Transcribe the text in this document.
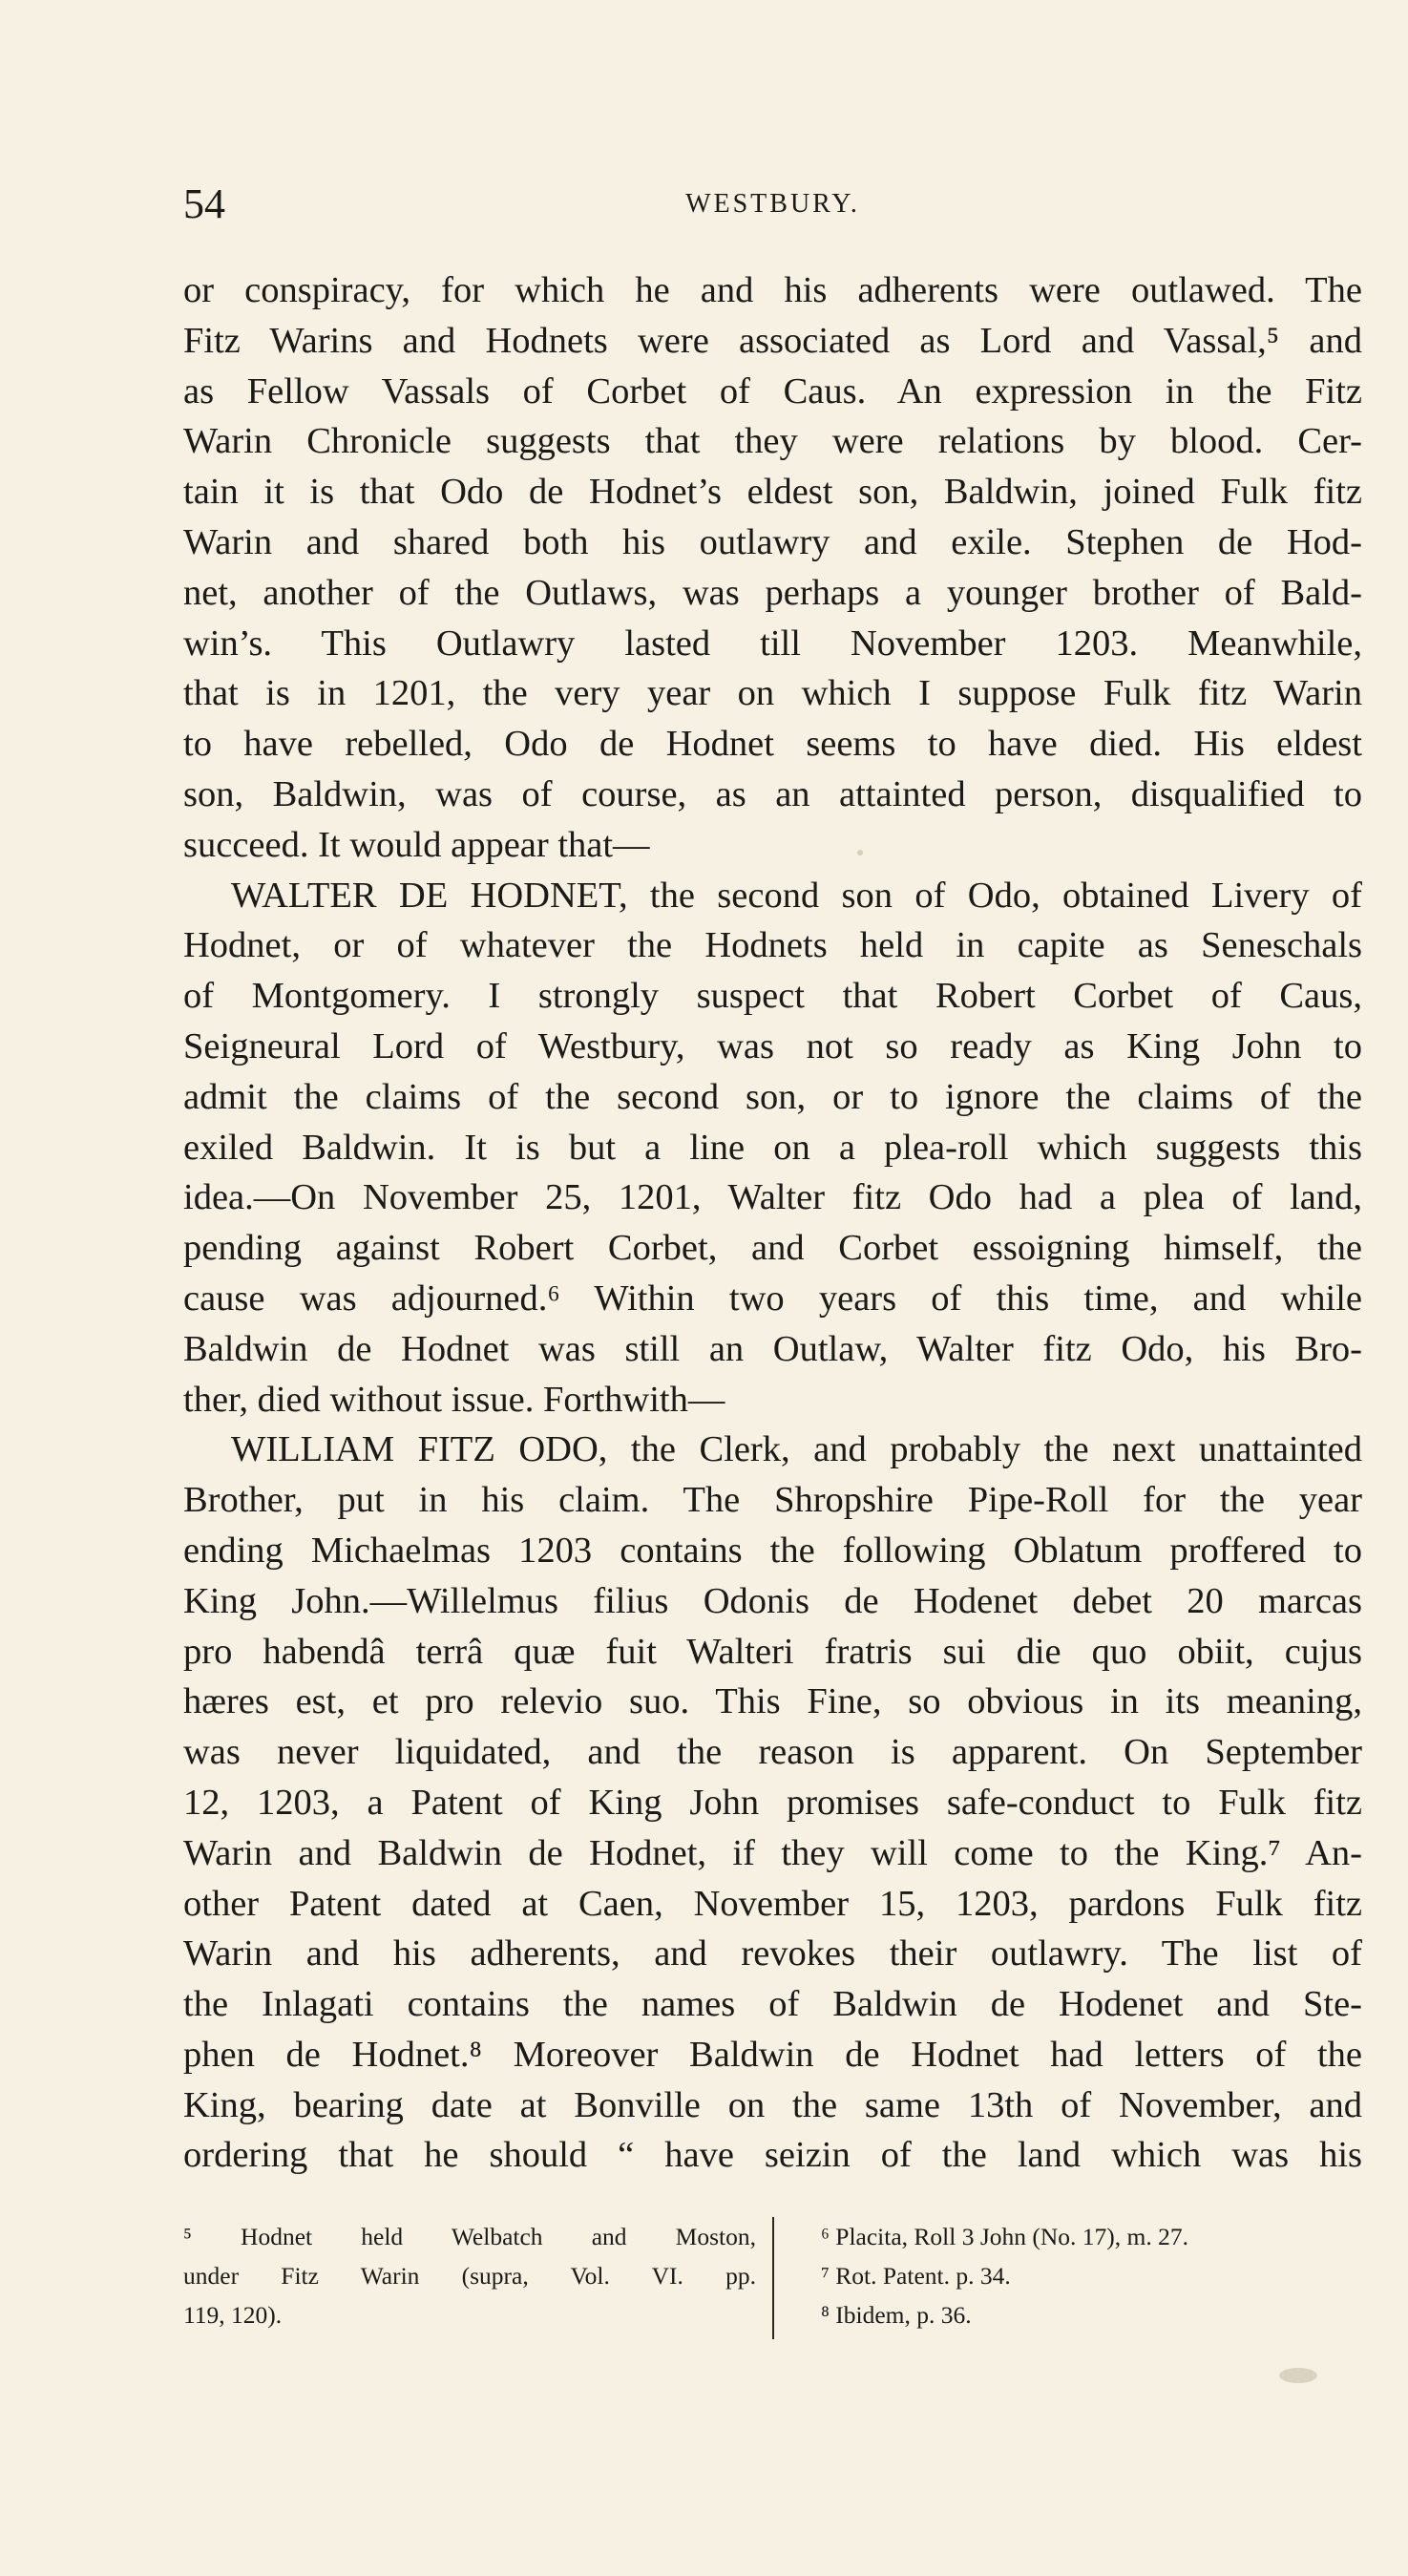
54	WESTBURY.
or conspiracy, for which he and his adherents were outlawed. The
Fitz Warins and Hodnets were associated as Lord and Vassal,⁵ and
as Fellow Vassals of Corbet of Caus. An expression in the Fitz
Warin Chronicle suggests that they were relations by blood. Cer-
tain it is that Odo de Hodnet’s eldest son, Baldwin, joined Fulk fitz
Warin and shared both his outlawry and exile. Stephen de Hod-
net, another of the Outlaws, was perhaps a younger brother of Bald-
win’s. This Outlawry lasted till November 1203. Meanwhile,
that is in 1201, the very year on which I suppose Fulk fitz Warin
to have rebelled, Odo de Hodnet seems to have died. His eldest
son, Baldwin, was of course, as an attainted person, disqualified to
succeed. It would appear that—
WALTER DE HODNET, the second son of Odo, obtained Livery of
Hodnet, or of whatever the Hodnets held in capite as Seneschals
of Montgomery. I strongly suspect that Robert Corbet of Caus,
Seigneural Lord of Westbury, was not so ready as King John to
admit the claims of the second son, or to ignore the claims of the
exiled Baldwin. It is but a line on a plea-roll which suggests this
idea.—On November 25, 1201, Walter fitz Odo had a plea of land,
pending against Robert Corbet, and Corbet essoigning himself, the
cause was adjourned.⁶ Within two years of this time, and while
Baldwin de Hodnet was still an Outlaw, Walter fitz Odo, his Bro-
ther, died without issue. Forthwith—
WILLIAM FITZ ODO, the Clerk, and probably the next unattainted
Brother, put in his claim. The Shropshire Pipe-Roll for the year
ending Michaelmas 1203 contains the following Oblatum proffered to
King John.—Willelmus filius Odonis de Hodenet debet 20 marcas
pro habendâ terrâ quæ fuit Walteri fratris sui die quo obiit, cujus
hæres est, et pro relevio suo. This Fine, so obvious in its meaning,
was never liquidated, and the reason is apparent. On September
12, 1203, a Patent of King John promises safe-conduct to Fulk fitz
Warin and Baldwin de Hodnet, if they will come to the King.⁷ An-
other Patent dated at Caen, November 15, 1203, pardons Fulk fitz
Warin and his adherents, and revokes their outlawry. The list of
the Inlagati contains the names of Baldwin de Hodenet and Ste-
phen de Hodnet.⁸ Moreover Baldwin de Hodnet had letters of the
King, bearing date at Bonville on the same 13th of November, and
ordering that he should “ have seizin of the land which was his
⁵ Hodnet held Welbatch and Moston,
under Fitz Warin (supra, Vol. VI. pp.
119, 120).
⁶ Placita, Roll 3 John (No. 17), m. 27.
⁷ Rot. Patent. p. 34.
⁸ Ibidem, p. 36.
